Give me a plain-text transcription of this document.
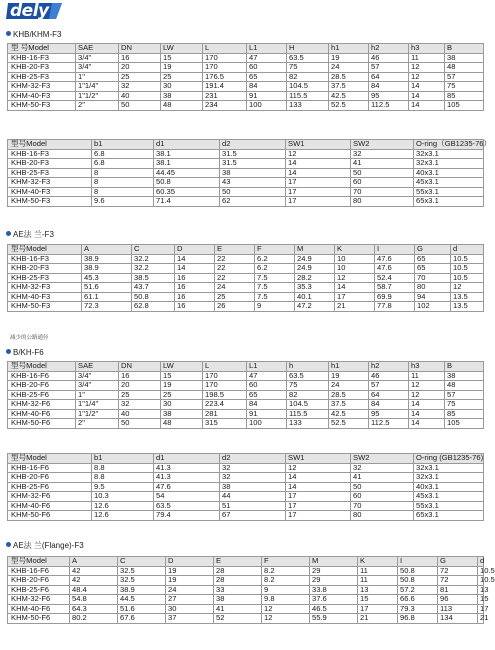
dely
KHB/KHM-F3
型 号Model	SAE	DN	LW	L	L1	H	h1	h2	h3	B
KHB-16-F3	3/4"	16	15	170	47	63.5	19	46	11	38
KHB-20-F3	3/4"	20	19	170	60	75	24	57	12	48
KHB-25-F3	1"	25	25	176.5	65	82	28.5	64	12	57
KHM-32-F3	1"1/4"	32	30	191.4	84	104.5	37.5	84	14	75
KHM-40-F3	1"1/2"	40	38	231	91	115.5	42.5	95	14	85
KHM-50-F3	2"	50	48	234	100	133	52.5	112.5	14	105
型号Model	b1	d1	d2	SW1	SW2	O-ring（GB1235-76）
KHB-16-F3	6.8	38.1	31.5	12	32	32x3.1
KHB-20-F3	6.8	38.1	31.5	14	41	32x3.1
KHB-25-F3	8	44.45	38	14	50	40x3.1
KHM-32-F3	8	50.8	43	17	60	45x3.1
KHM-40-F3	8	60.35	50	17	70	55x3.1
KHM-50-F3	9.6	71.4	62	17	80	65x3.1
AE法 兰-F3
型号Model	A	C	D	E	F	M	K	I	G	d
KHB-16-F3	38.9	32.2	14	22	6.2	24.9	10	47.6	65	10.5
KHB-20-F3	38.9	32.2	14	22	6.2	24.9	10	47.6	65	10.5
KHB-25-F3	45.3	38.5	16	22	7.5	28.2	12	52.4	70	10.5
KHM-32-F3	51.6	43.7	16	24	7.5	35.3	14	58.7	80	12
KHM-40-F3	61.1	50.8	16	25	7.5	40.1	17	69.9	94	13.5
KHM-50-F3	72.3	62.8	16	26	9	47.2	21	77.8	102	13.5
减少的公路通径
B/KH-F6
型号Model	SAE	DN	LW	L	L1	h	h1	h2	h3	B
KHB-16-F6	3/4"	16	15	170	47	63.5	19	46	11	38
KHB-20-F6	3/4"	20	19	170	60	75	24	57	12	48
KHB-25-F6	1"	25	25	198.5	65	82	28.5	64	12	57
KHM-32-F6	1"1/4"	32	30	223.4	84	104.5	37.5	84	14	75
KHM-40-F6	1"1/2"	40	38	281	91	115.5	42.5	95	14	85
KHM-50-F6	2"	50	48	315	100	133	52.5	112.5	14	105
型号Model	b1	d1	d2	SW1	SW2	O-ring (GB1235-76)
KHB-16-F6	8.8	41.3	32	12	32	32x3.1
KHB-20-F6	8.8	41.3	32	14	41	32x3.1
KHB-25-F6	9.5	47.6	38	14	50	40x3.1
KHM-32-F6	10.3	54	44	17	60	45x3.1
KHM-40-F6	12.6	63.5	51	17	70	55x3.1
KHM-50-F6	12.6	79.4	67	17	80	65x3.1
AE法 兰(Flange)-F3
型号Model	A	C	D	E	F	M	K	I	G	d
KHB-16-F6	42	32.5	19	28	8.2	29	11	50.8	72	10.5
KHB-20-F6	42	32.5	19	28	8.2	29	11	50.8	72	10.5
KHB-25-F6	48.4	38.9	24	33	9	33.8	13	57.2	81	13
KHM-32-F6	54.8	44.5	27	38	9.8	37.6	15	66.6	96	15
KHM-40-F6	64.3	51.6	30	41	12	46.5	17	79.3	113	17
KHM-50-F6	80.2	67.6	37	52	12	55.9	21	96.8	134	21
